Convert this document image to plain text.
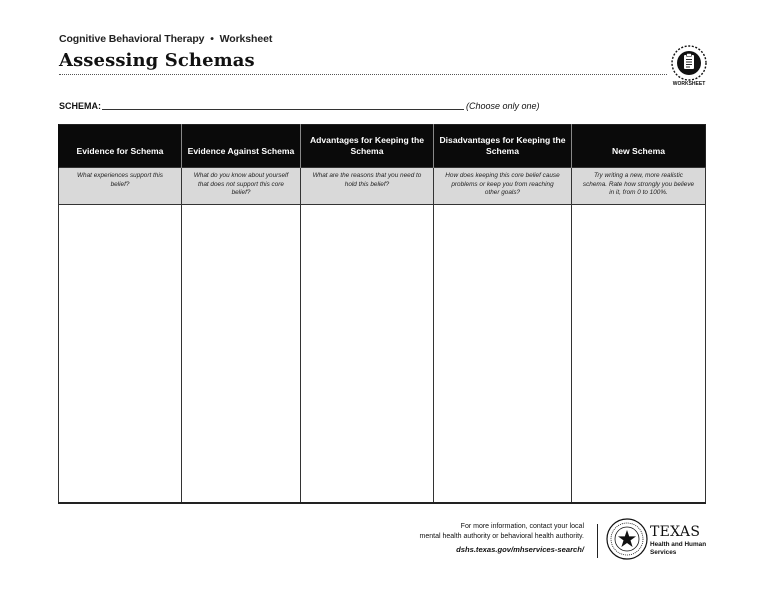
Cognitive Behavioral Therapy • Worksheet
Assessing Schemas
WORKSHEET
SCHEMA:	(Choose only one)
Evidence for Schema	Evidence Against Schema	Advantages for Keeping the Schema	Disadvantages for Keeping the Schema	New Schema
What experiences support this belief?	What do you know about yourself that does not support this core belief?	What are the reasons that you need to hold this belief?	How does keeping this core belief cause problems or keep you from reaching other goals?	Try writing a new, more realistic schema. Rate how strongly you believe in it, from 0 to 100%.

For more information, contact your local
mental health authority or behavioral health authority.
dshs.texas.gov/mhservices-search/
TEXAS
Health and Human
Services
